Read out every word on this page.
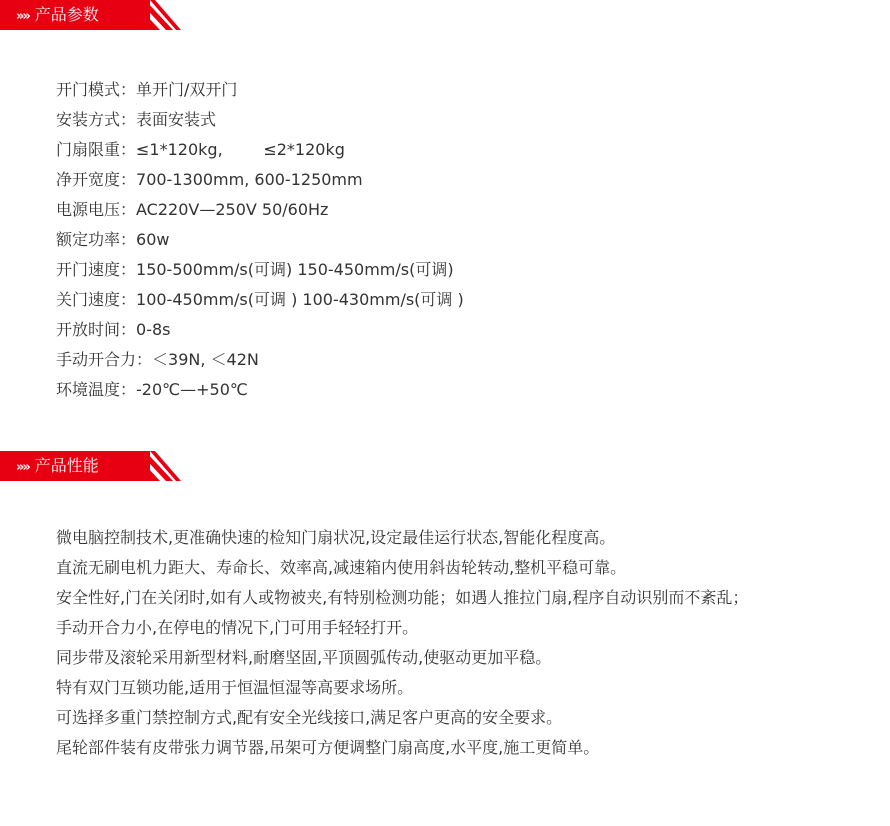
»» 产品参数
开门模式：单开门/双开门
安装方式：表面安装式
门扇限重：≤1*120kg,        ≤2*120kg
净开宽度：700-1300mm, 600-1250mm
电源电压：AC220V—250V 50/60Hz
额定功率：60w
开门速度：150-500mm/s(可调) 150-450mm/s(可调)
关门速度：100-450mm/s(可调 ) 100-430mm/s(可调 )
开放时间：0-8s
手动开合力：＜39N, ＜42N
环境温度：-20℃—+50℃
»» 产品性能
微电脑控制技术,更准确快速的检知门扇状况,设定最佳运行状态,智能化程度高。
直流无刷电机力距大、寿命长、效率高,减速箱内使用斜齿轮转动,整机平稳可靠。
安全性好,门在关闭时,如有人或物被夹,有特别检测功能；如遇人推拉门扇,程序自动识别而不紊乱；
手动开合力小,在停电的情况下,门可用手轻轻打开。
同步带及滚轮采用新型材料,耐磨坚固,平顶圆弧传动,使驱动更加平稳。
特有双门互锁功能,适用于恒温恒湿等高要求场所。
可选择多重门禁控制方式,配有安全光线接口,满足客户更高的安全要求。
尾轮部件装有皮带张力调节器,吊架可方便调整门扇高度,水平度,施工更简单。
